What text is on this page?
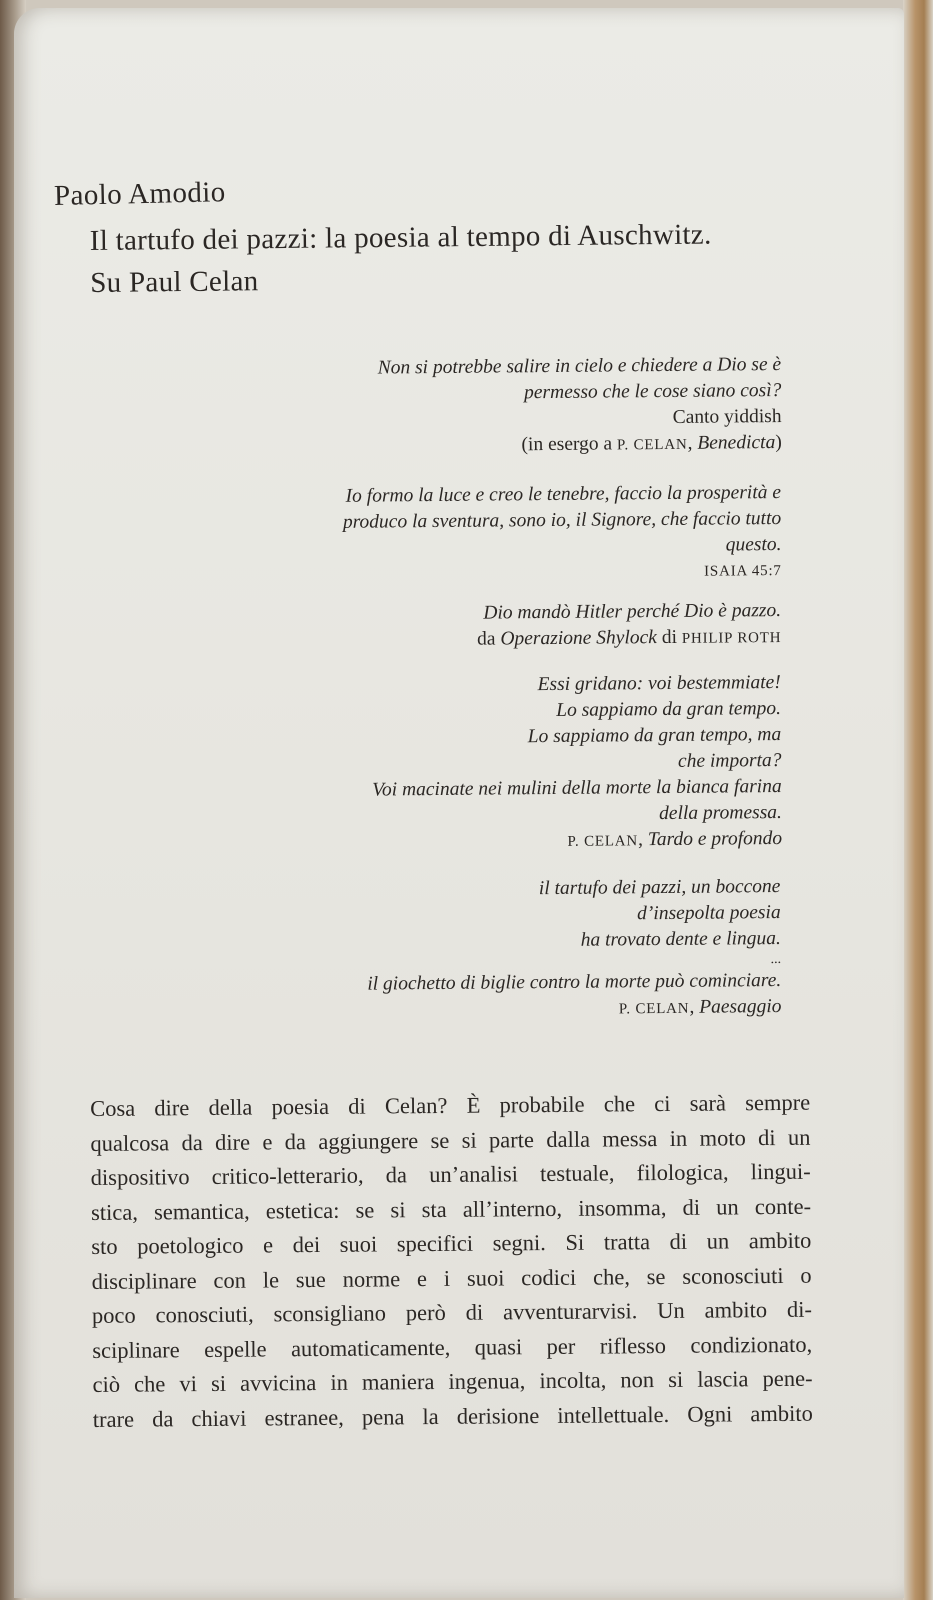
Paolo Amodio
Il tartufo dei pazzi: la poesia al tempo di Auschwitz.
Su Paul Celan
Non si potrebbe salire in cielo e chiedere a Dio se è
permesso che le cose siano così?
Canto yiddish
(in esergo a P. CELAN, Benedicta)
Io formo la luce e creo le tenebre, faccio la prosperità e
produco la sventura, sono io, il Signore, che faccio tutto
questo.
ISAIA 45:7
Dio mandò Hitler perché Dio è pazzo.
da Operazione Shylock di PHILIP ROTH
Essi gridano: voi bestemmiate!
Lo sappiamo da gran tempo.
Lo sappiamo da gran tempo, ma
che importa?
Voi macinate nei mulini della morte la bianca farina
della promessa.
P. CELAN, Tardo e profondo
il tartufo dei pazzi, un boccone
d’insepolta poesia
ha trovato dente e lingua.
...
il giochetto di biglie contro la morte può cominciare.
P. CELAN, Paesaggio
Cosa dire della poesia di Celan? È probabile che ci sarà sempre
qualcosa da dire e da aggiungere se si parte dalla messa in moto di un
dispositivo critico-letterario, da un’analisi testuale, filologica, lingui-
stica, semantica, estetica: se si sta all’interno, insomma, di un conte-
sto poetologico e dei suoi specifici segni. Si tratta di un ambito
disciplinare con le sue norme e i suoi codici che, se sconosciuti o
poco conosciuti, sconsigliano però di avventurarvisi. Un ambito di-
sciplinare espelle automaticamente, quasi per riflesso condizionato,
ciò che vi si avvicina in maniera ingenua, incolta, non si lascia pene-
trare da chiavi estranee, pena la derisione intellettuale. Ogni ambito
